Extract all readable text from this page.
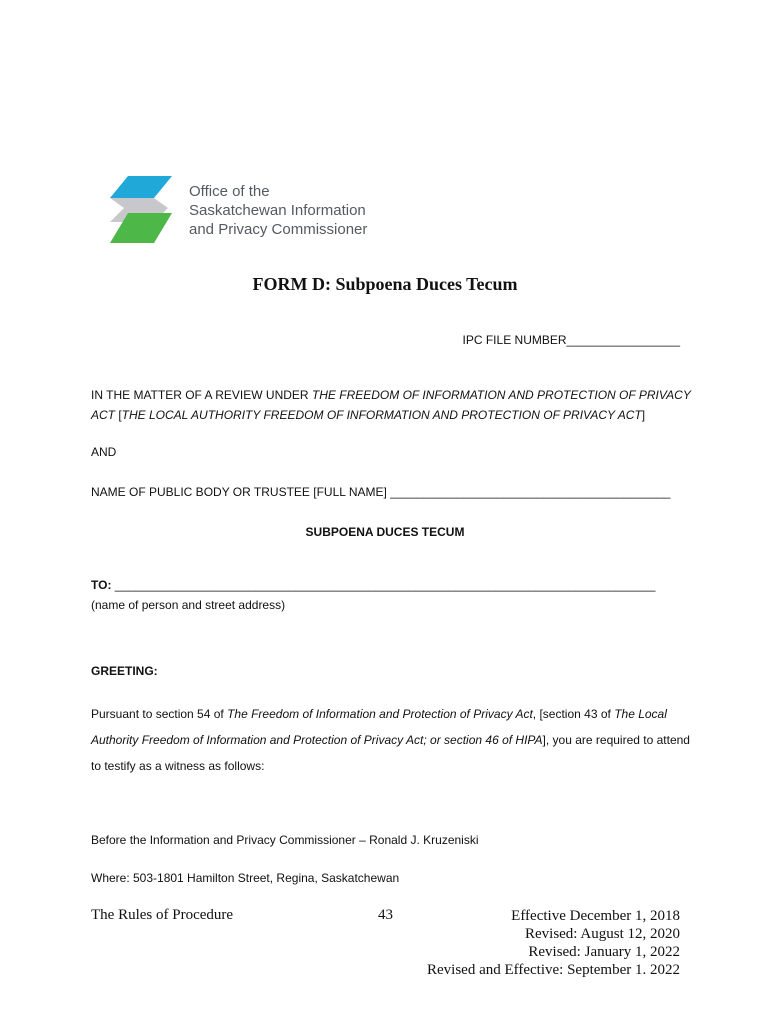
Office of the
Saskatchewan Information
and Privacy Commissioner
FORM D: Subpoena Duces Tecum
IPC FILE NUMBER_________________
IN THE MATTER OF A REVIEW UNDER THE FREEDOM OF INFORMATION AND PROTECTION OF PRIVACY ACT [THE LOCAL AUTHORITY FREEDOM OF INFORMATION AND PROTECTION OF PRIVACY ACT]
AND
NAME OF PUBLIC BODY OR TRUSTEE [FULL NAME] __________________________________________
SUBPOENA DUCES TECUM
TO: _________________________________________________________________________________
(name of person and street address)
GREETING:
Pursuant to section 54 of The Freedom of Information and Protection of Privacy Act, [section 43 of The Local Authority Freedom of Information and Protection of Privacy Act; or section 46 of HIPA], you are required to attend to testify as a witness as follows:
Before the Information and Privacy Commissioner – Ronald J. Kruzeniski
Where: 503-1801 Hamilton Street, Regina, Saskatchewan
The Rules of Procedure	43	Effective December 1, 2018
Revised: August 12, 2020
Revised: January 1, 2022
Revised and Effective: September 1. 2022
